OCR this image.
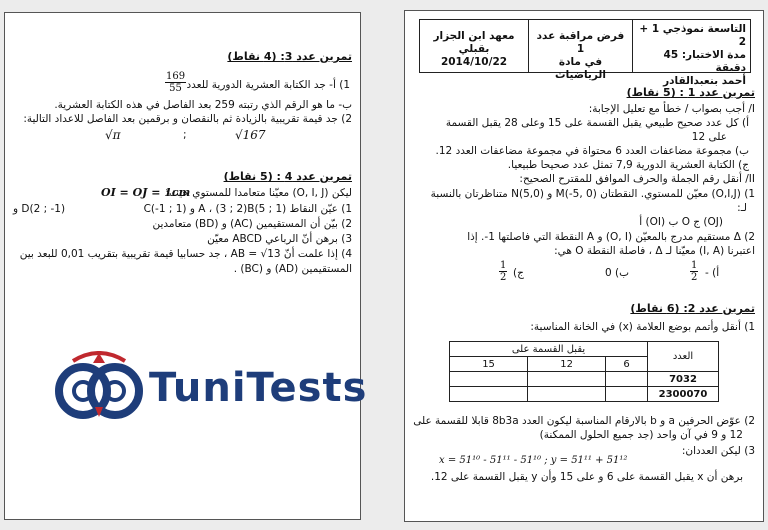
تمرين عدد 3: (4 نقاط)
1) أ- جد الكتابة العشرية الدورية للعدد
$\frac{169}{55}$
ب- ما هو الرقم الذي رتبته 259 بعد الفاصل في هذه الكتابة العشرية.
2) جد قيمة تقريبية بالزيادة ثم بالنقصان و برقمين بعد الفاصل للاعداد التالية:
√π	;	√167
تمرين عدد 4 : (5 نقاط)
ليكن (O, I, J) معيّنا متعامدا للمستوي حيث:
OI = OJ = 1cm
1) عيّن النقاط (1 ; 5)A ، (3 ; 2)B و (1 ; 1-)C
D(2 ; -1) و
2) بيّن أن المستقيمين (AC) و (BD) متعامدين
3) برهن أنّ الرباعي ABCD معيّن
4) إذا علمت أنّ AB = √13 ، جد حسابيا قيمة تقريبية بتقريب 0,01 للبعد بين
المستقيمين (AD) و (BC) .
TuniTests
التاسعة نموذجي 1 + 2
مدة الاختبار: 45 دقيقة
أحمد بنعبدالقادر
فرض مراقبة عدد 1
في مادة الرياضيات
معهد ابن الجزار بقبلي
2014/10/22
تمرين عدد 1 : (5 نقاط)
I/ أجب بصواب / خطأ مع تعليل الإجابة:
أ) كل عدد صحيح طبيعي يقبل القسمة على 15 وعلى 28 يقبل القسمة
على 12
ب) مجموعة مضاعفات العدد 6 محتواة في مجموعة مضاعفات العدد 12.
ج) الكتابة العشرية الدورية 7,9 تمثل عدد صحيحا طبيعيا.
II/ أنقل رقم الجملة والحرف الموافق للمقترح الصحيح:
1) (O,I,J) معيّن للمستوي. النقطتان (0 ,5-)M و (5,0)N متناظرتان بالنسبة
لـ:
(OJ) ج O ب (OI) أ
2) Δ مستقيم مدرج بالمعيّن (O, I) و A النقطة التي فاصلتها 1-. إذا
اعتبرنا (I, A) معيّنا لـ Δ ، فاصلة النقطة O هي:
أ) -
$\frac{1}{2}$
ب) 0
ج)
$\frac{1}{2}$
تمرين عدد 2: (6 نقاط)
1) أنقل وأتمم بوضع العلامة (x) في الخانة المناسبة:
العدد	يقبل القسمة على		
	6	12	15
7032			
2300070			
2) عوّض الحرفين a و b بالارقام المناسبة ليكون العدد 8b3a قابلا للقسمة على
12 و 9 في آن واحد (جد جميع الحلول الممكنة)
3) ليكن العددان:
x = 51¹⁰ - 51¹¹ - 51¹⁰ ; y = 51¹¹ + 51¹²
برهن أن x يقبل القسمة على 6 و على 15 وأن y يقبل القسمة على 12.
